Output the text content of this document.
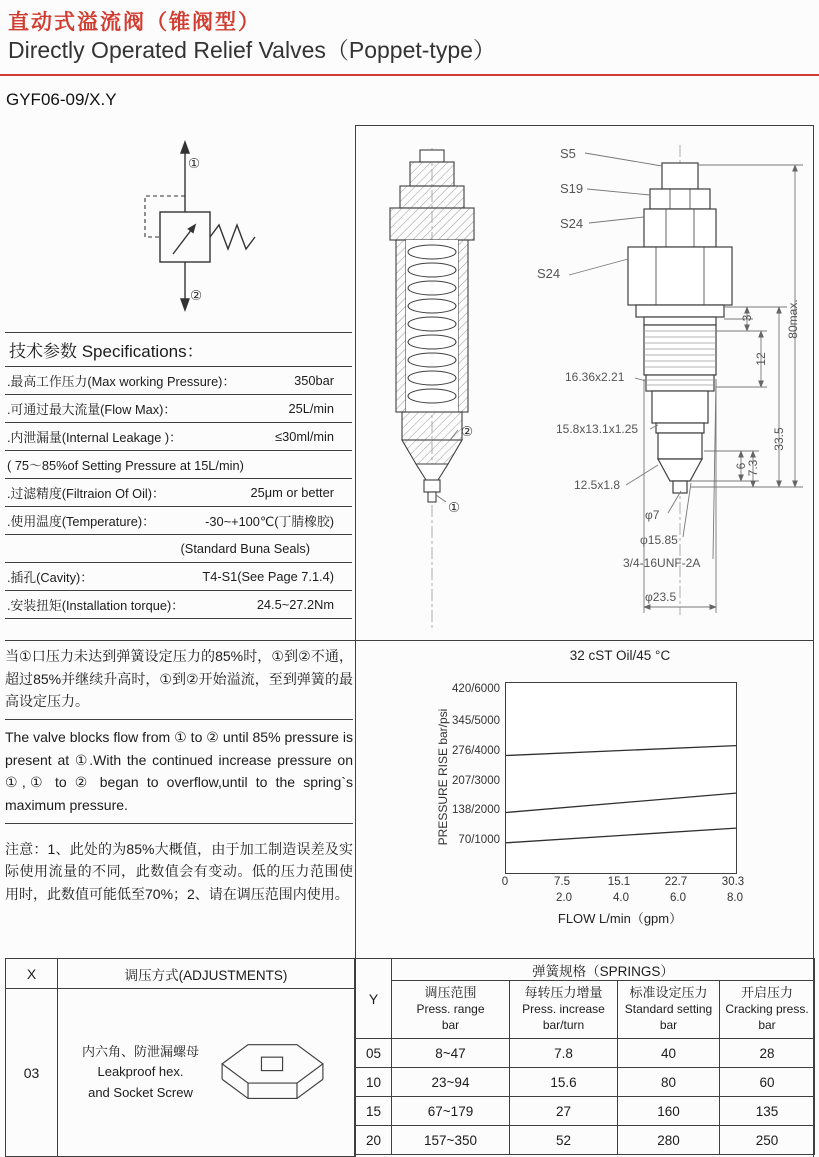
直动式溢流阀（锥阀型）
Directly Operated Relief Valves（Poppet-type）
GYF06-09/X.Y
①
②
②
①
S5
S19
S24
S24
16.36x2.21
15.8x13.1x1.25
12.5x1.8
φ7
φ15.85
3/4-16UNF-2A
φ23.5
80max.
33.5
12
3
6
7.3
技术参数 Specifications：
.最高工作压力(Max working Pressure)：	350bar
.可通过最大流量(Flow Max)：	25L/min
.内泄漏量(Internal Leakage )：	≤30ml/min
( 75～85%of Setting Pressure at 15L/min)
.过滤精度(Filtraion Of Oil)：	25μm or better
.使用温度(Temperature)：	-30~+100℃(丁腈橡胶)
(Standard Buna Seals)
.插孔(Cavity)：	T4-S1(See Page 7.1.4)
.安装扭矩(Installation torque)：	24.5~27.2Nm

当①口压力未达到弹簧设定压力的85%时，①到②不通，超过85%并继续升高时，①到②开始溢流，至到弹簧的最高设定压力。

The valve blocks flow from ① to ② until 85% pressure is present at ①.With the continued increase pressure on ①,① to ② began to overflow,until to the spring`s maximum pressure.

注意：1、此处的为85%大概值，由于加工制造误差及实际使用流量的不同，此数值会有变动。低的压力范围使用时，此数值可能低至70%；2、请在调压范围内使用。

32 cST Oil/45 °C
PRESSURE RISE bar/psi
420/6000
345/5000
276/4000
207/3000
138/2000
70/1000
0	7.5	15.1	22.7	30.3
2.0	4.0	6.0	8.0
FLOW L/min（gpm）
X	调压方式(ADJUSTMENTS)
03	内六角、防泄漏螺母
Leakproof hex.
and Socket Screw
Y	弹簧规格（SPRINGS）			

调压范围
Press. range
bar

每转压力增量
Press. increase
bar/turn

标准设定压力
Standard setting
bar

开启压力
Cracking press.
bar

05	8~47	7.8	40	28
10	23~94	15.6	80	60
15	67~179	27	160	135
20	157~350	52	280	250
